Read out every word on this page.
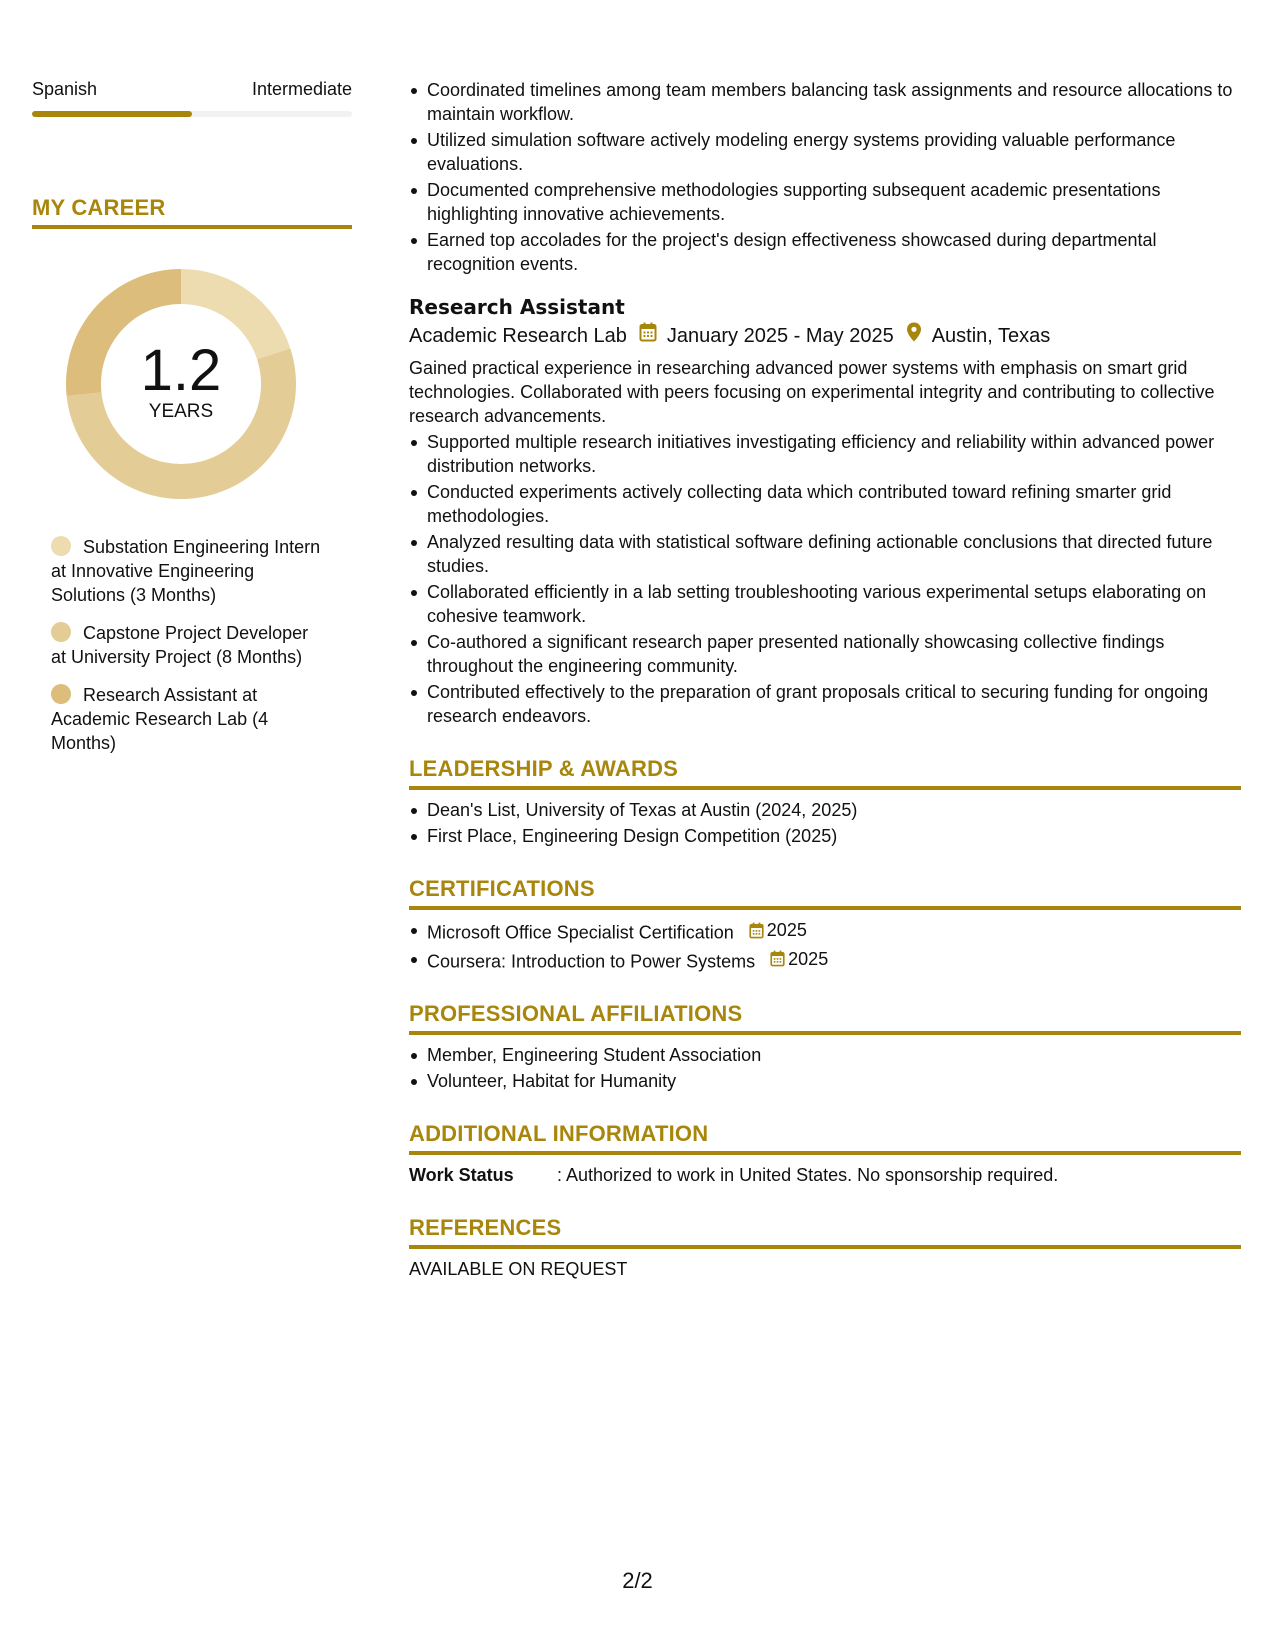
Spanish	Intermediate
MY CAREER
1.2
YEARS
Substation Engineering Intern at Innovative Engineering Solutions (3 Months)
Capstone Project Developer at University Project (8 Months)
Research Assistant at Academic Research Lab (4 Months)
Coordinated timelines among team members balancing task assignments and resource allocations to maintain workflow.
Utilized simulation software actively modeling energy systems providing valuable performance evaluations.
Documented comprehensive methodologies supporting subsequent academic presentations highlighting innovative achievements.
Earned top accolades for the project's design effectiveness showcased during departmental recognition events.
Research Assistant
Academic Research Lab January 2025 - May 2025 Austin, Texas
Gained practical experience in researching advanced power systems with emphasis on smart grid technologies. Collaborated with peers focusing on experimental integrity and contributing to collective research advancements.
Supported multiple research initiatives investigating efficiency and reliability within advanced power distribution networks.
Conducted experiments actively collecting data which contributed toward refining smarter grid methodologies.
Analyzed resulting data with statistical software defining actionable conclusions that directed future studies.
Collaborated efficiently in a lab setting troubleshooting various experimental setups elaborating on cohesive teamwork.
Co-authored a significant research paper presented nationally showcasing collective findings throughout the engineering community.
Contributed effectively to the preparation of grant proposals critical to securing funding for ongoing research endeavors.
LEADERSHIP & AWARDS
Dean's List, University of Texas at Austin (2024, 2025)
First Place, Engineering Design Competition (2025)
CERTIFICATIONS
Microsoft Office Specialist Certification 2025
Coursera: Introduction to Power Systems 2025
PROFESSIONAL AFFILIATIONS
Member, Engineering Student Association
Volunteer, Habitat for Humanity
ADDITIONAL INFORMATION
Work Status	: Authorized to work in United States. No sponsorship required.
REFERENCES
AVAILABLE ON REQUEST
2/2
